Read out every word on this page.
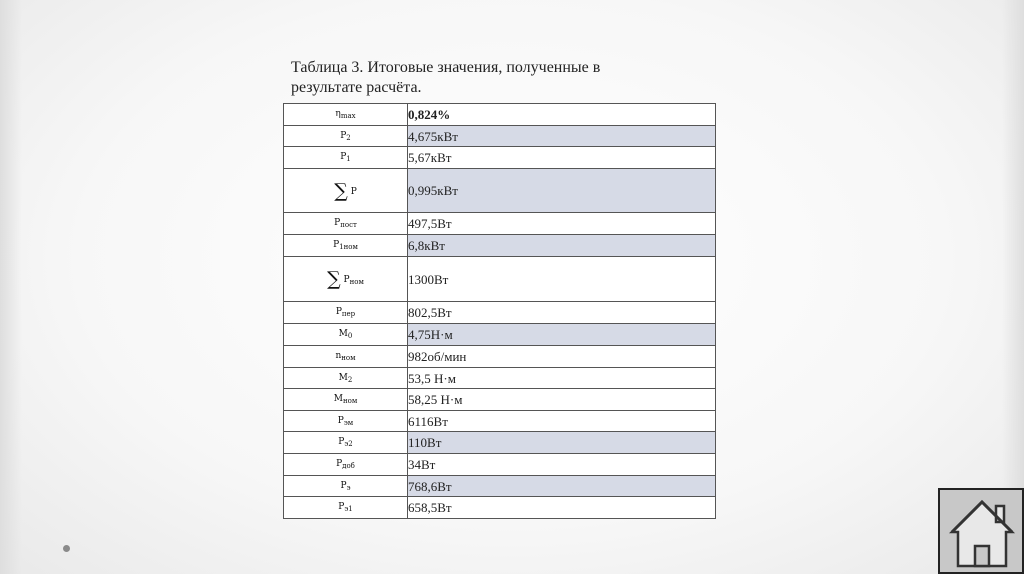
Таблица 3. Итоговые значения, полученные в результате расчёта.
$\eta_{max}$	0,824%
$P_2$	4,675кВт
$P_1$	5,67кВт
∑ P	0,995кВт
$P_{пост}$	497,5Вт
$P_{1ном}$	6,8кВт
∑ $P_{ном}$	1300Вт
$P_{пер}$	802,5Вт
$M_0$	4,75Н·м
$n_{ном}$	982об/мин
$M_2$	53,5 Н·м
$M_{ном}$	58,25 Н·м
$P_{эм}$	6116Вт
$P_{э2}$	110Вт
$P_{доб}$	34Вт
$P_э$	768,6Вт
$P_{э1}$	658,5Вт
